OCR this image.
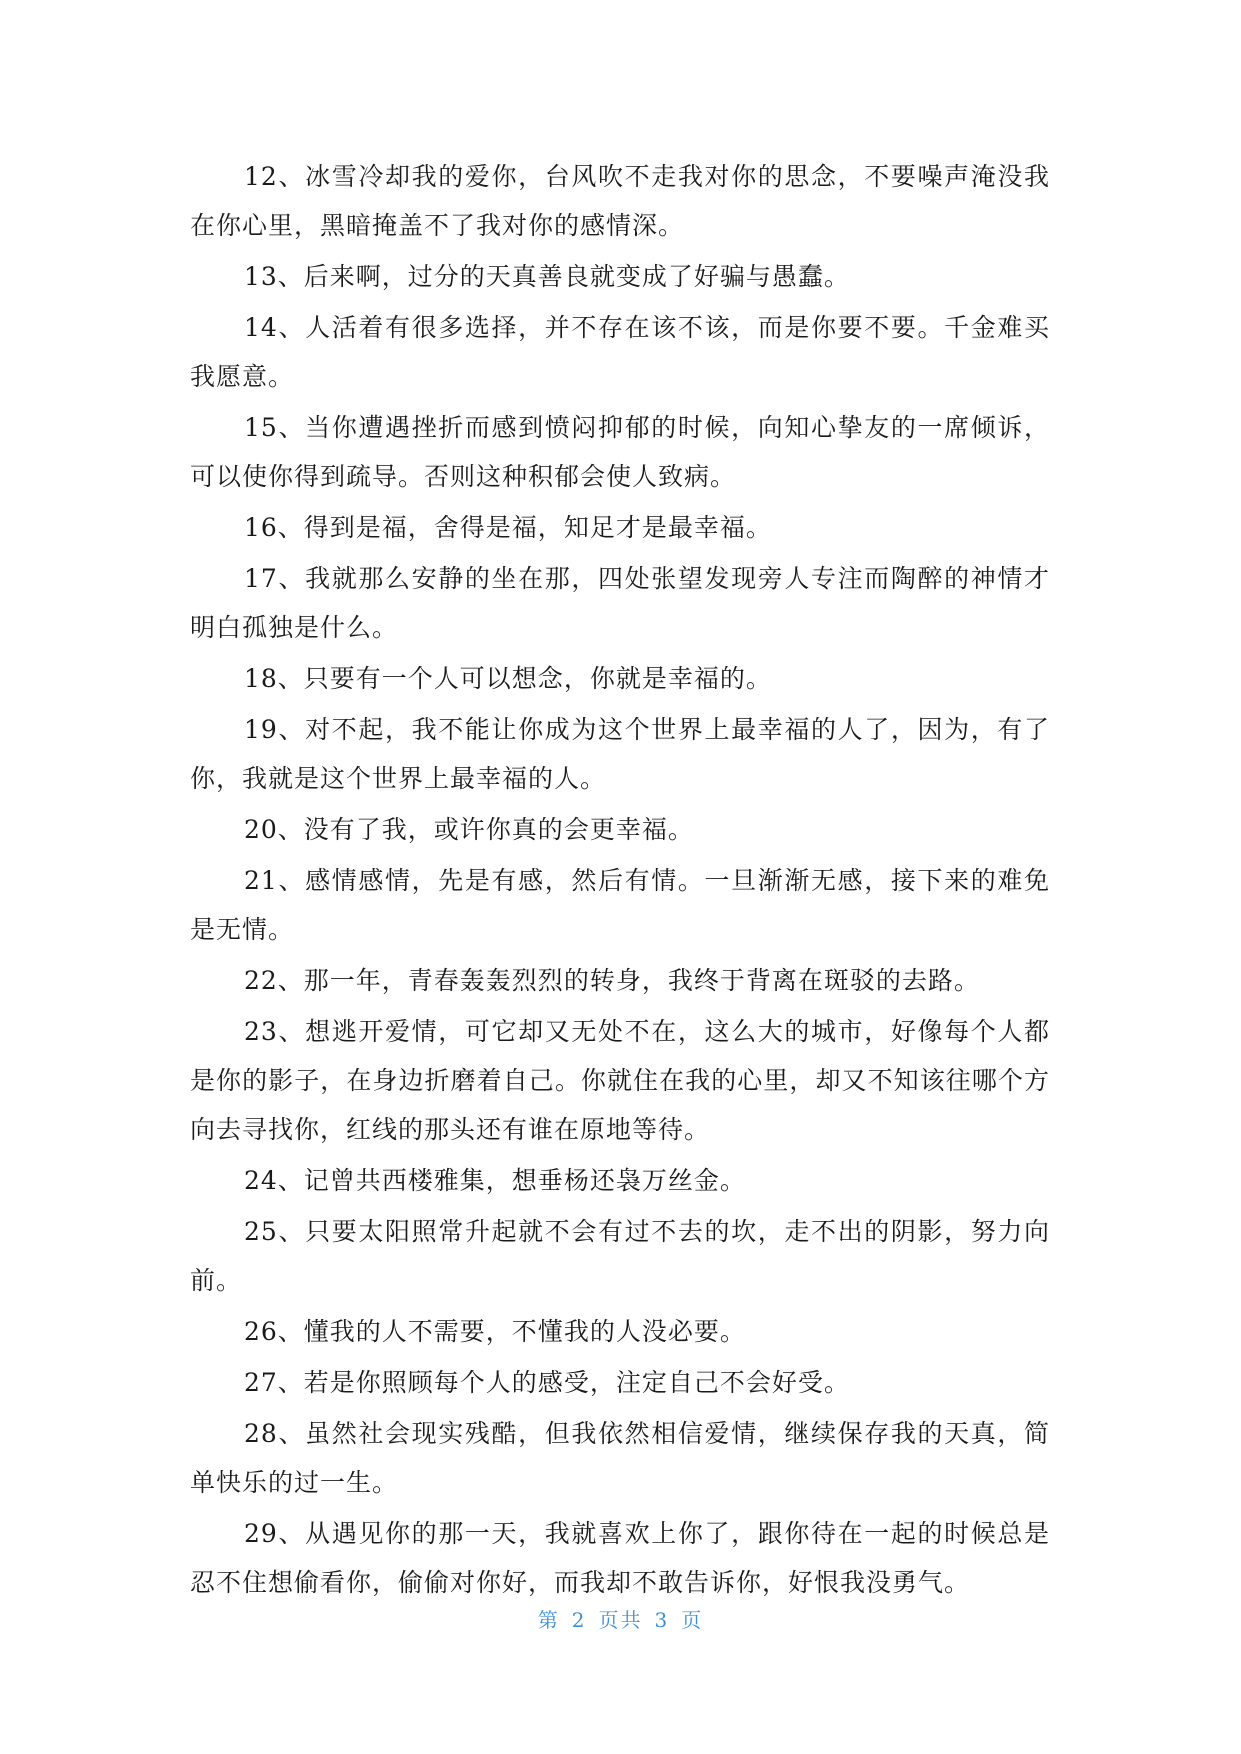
12、冰雪冷却我的爱你，台风吹不走我对你的思念，不要噪声淹没我在你心里，黑暗掩盖不了我对你的感情深。

13、后来啊，过分的天真善良就变成了好骗与愚蠢。

14、人活着有很多选择，并不存在该不该，而是你要不要。千金难买我愿意。

15、当你遭遇挫折而感到愤闷抑郁的时候，向知心挚友的一席倾诉，可以使你得到疏导。否则这种积郁会使人致病。

16、得到是福，舍得是福，知足才是最幸福。

17、我就那么安静的坐在那，四处张望发现旁人专注而陶醉的神情才明白孤独是什么。

18、只要有一个人可以想念，你就是幸福的。

19、对不起，我不能让你成为这个世界上最幸福的人了，因为，有了你，我就是这个世界上最幸福的人。

20、没有了我，或许你真的会更幸福。

21、感情感情，先是有感，然后有情。一旦渐渐无感，接下来的难免是无情。

22、那一年，青春轰轰烈烈的转身，我终于背离在斑驳的去路。

23、想逃开爱情，可它却又无处不在，这么大的城市，好像每个人都是你的影子，在身边折磨着自己。你就住在我的心里，却又不知该往哪个方向去寻找你，红线的那头还有谁在原地等待。

24、记曾共西楼雅集，想垂杨还袅万丝金。

25、只要太阳照常升起就不会有过不去的坎，走不出的阴影，努力向前。

26、懂我的人不需要，不懂我的人没必要。

27、若是你照顾每个人的感受，注定自己不会好受。

28、虽然社会现实残酷，但我依然相信爱情，继续保存我的天真，简单快乐的过一生。

29、从遇见你的那一天，我就喜欢上你了，跟你待在一起的时候总是忍不住想偷看你，偷偷对你好，而我却不敢告诉你，好恨我没勇气。

第 2 页共 3 页
